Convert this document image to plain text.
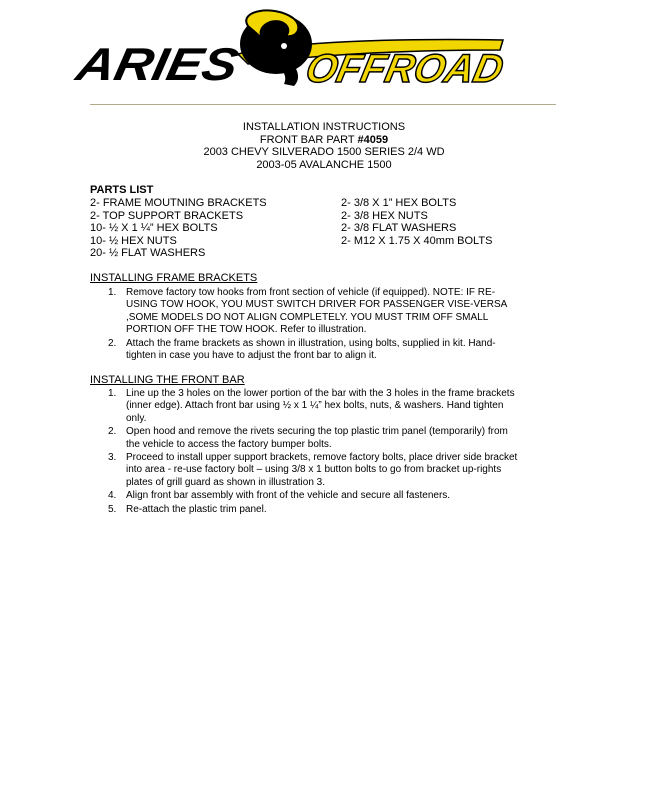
ARIES	OFFROAD
INSTALLATION INSTRUCTIONS
FRONT BAR PART #4059
2003 CHEVY SILVERADO 1500 SERIES 2/4 WD
2003-05 AVALANCHE 1500
PARTS LIST
2- FRAME MOUTNING BRACKETS
2- TOP SUPPORT BRACKETS
10- ½ X 1 ¼” HEX BOLTS
10- ½ HEX NUTS
20- ½ FLAT WASHERS
2- 3/8 X 1” HEX BOLTS
2- 3/8 HEX NUTS
2- 3/8 FLAT WASHERS
2- M12 X 1.75 X 40mm BOLTS
INSTALLING FRAME BRACKETS
1. Remove factory tow hooks from front section of vehicle (if equipped). NOTE: IF RE-
USING TOW HOOK, YOU MUST SWITCH DRIVER FOR PASSENGER VISE-VERSA
,SOME MODELS DO NOT ALIGN COMPLETELY. YOU MUST TRIM OFF SMALL
PORTION OFF THE TOW HOOK. Refer to illustration.
2. Attach the frame brackets as shown in illustration, using bolts, supplied in kit. Hand-
tighten in case you have to adjust the front bar to align it.
INSTALLING THE FRONT BAR
1. Line up the 3 holes on the lower portion of the bar with the 3 holes in the frame brackets
(inner edge). Attach front bar using ½ x 1 ¼” hex bolts, nuts, & washers. Hand tighten
only.
2. Open hood and remove the rivets securing the top plastic trim panel (temporarily) from
the vehicle to access the factory bumper bolts.
3. Proceed to install upper support brackets, remove factory bolts, place driver side bracket
into area - re-use factory bolt – using 3/8 x 1 button bolts to go from bracket up-rights
plates of grill guard as shown in illustration 3.
4. Align front bar assembly with front of the vehicle and secure all fasteners.
5. Re-attach the plastic trim panel.
